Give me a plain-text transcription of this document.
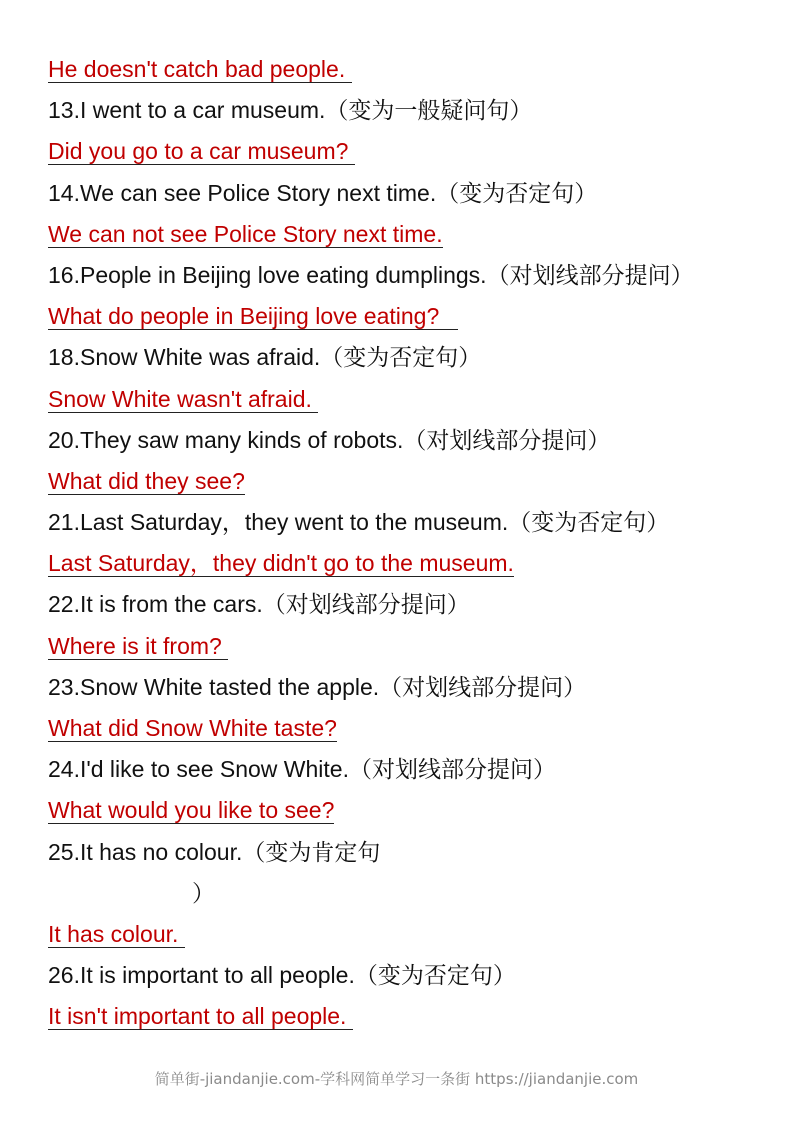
He doesn't catch bad people.
13.I went to a car museum.（变为一般疑问句）
Did you go to a car museum?
14.We can see Police Story next time.（变为否定句）
We can not see Police Story next time.
16.People in Beijing love eating dumplings.（对划线部分提问）
What do people in Beijing love eating?
18.Snow White was afraid.（变为否定句）
Snow White wasn't afraid.
20.They saw many kinds of robots.（对划线部分提问）
What did they see?
21.Last Saturday，they went to the museum.（变为否定句）
Last Saturday，they didn't go to the museum.
22.It is from the cars.（对划线部分提问）
Where is it from?
23.Snow White tasted the apple.（对划线部分提问）
What did Snow White taste?
24.I'd like to see Snow White.（对划线部分提问）
What would you like to see?
25.It has no colour.（变为肯定句
）
It has colour.
26.It is important to all people.（变为否定句）
It isn't important to all people.
简单街-jiandanjie.com-学科网简单学习一条街 https://jiandanjie.com
